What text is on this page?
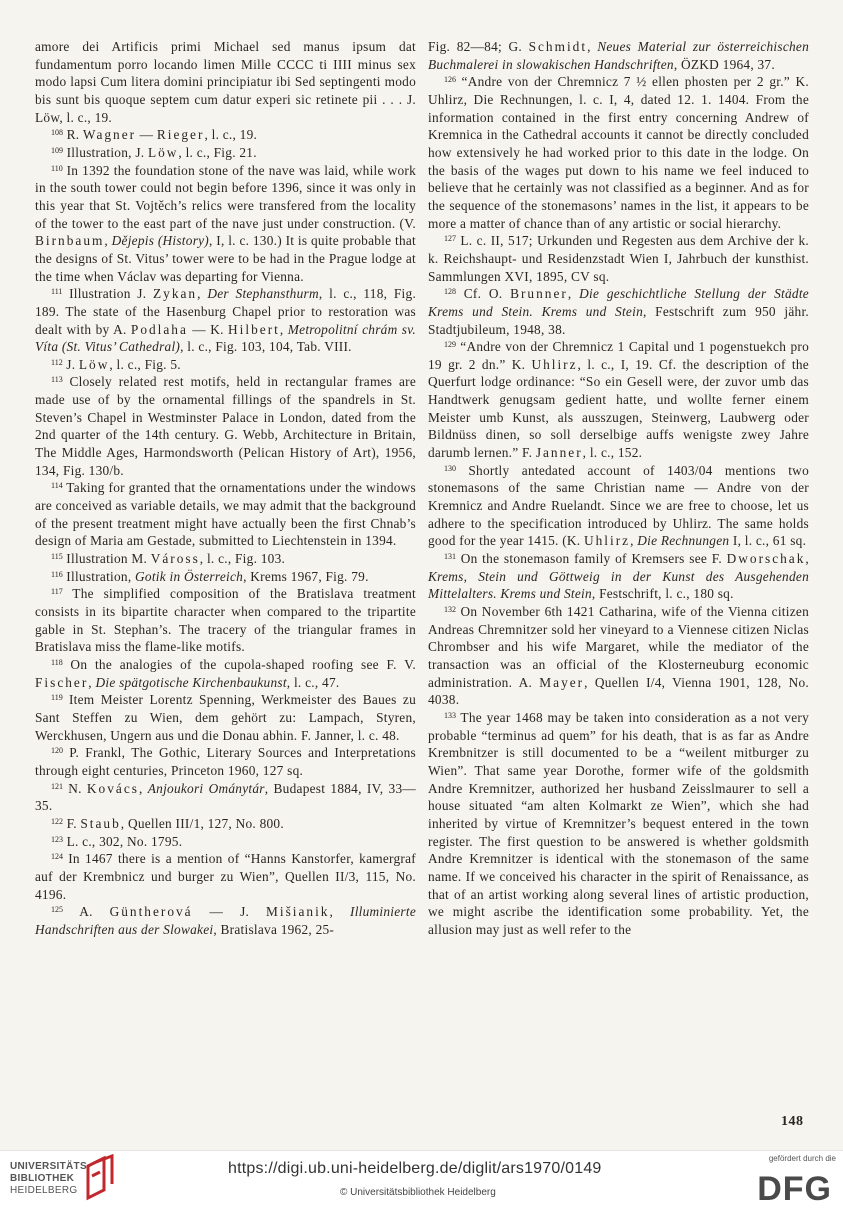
amore dei Artificis primi Michael sed manus ipsum dat fundamentum porro locando limen Mille CCCC ti IIII minus sex modo lapsi Cum litera domini principiatur ibi Sed septingenti modo bis sunt bis quoque septem cum datur experi sic retinete pii . . . J. Löw, l. c., 19.

$^{108}$ R. Wagner — Rieger, l. c., 19.

$^{109}$ Illustration, J. Löw, l. c., Fig. 21.

$^{110}$ In 1392 the foundation stone of the nave was laid, while work in the south tower could not begin before 1396, since it was only in this year that St. Vojtěch’s relics were transfered from the locality of the tower to the east part of the nave just under construction. (V. Birnbaum, Dějepis (History), I, l. c. 130.) It is quite probable that the designs of St. Vitus’ tower were to be had in the Prague lodge at the time when Václav was departing for Vienna.

$^{111}$ Illustration J. Zykan, Der Stephansthurm, l. c., 118, Fig. 189. The state of the Hasenburg Chapel prior to restoration was dealt with by A. Podlaha — K. Hilbert, Metropolitní chrám sv. Víta (St. Vitus’ Cathedral), l. c., Fig. 103, 104, Tab. VIII.

$^{112}$ J. Löw, l. c., Fig. 5.

$^{113}$ Closely related rest motifs, held in rectangular frames are made use of by the ornamental fillings of the spandrels in St. Steven’s Chapel in Westminster Palace in London, dated from the 2nd quarter of the 14th century. G. Webb, Architecture in Britain, The Middle Ages, Harmondsworth (Pelican History of Art), 1956, 134, Fig. 130/b.

$^{114}$ Taking for granted that the ornamentations under the windows are conceived as variable details, we may admit that the background of the present treatment might have actually been the first Chnab’s design of Maria am Gestade, submitted to Liechtenstein in 1394.

$^{115}$ Illustration M. Váross, l. c., Fig. 103.

$^{116}$ Illustration, Gotik in Österreich, Krems 1967, Fig. 79.

$^{117}$ The simplified composition of the Bratislava treatment consists in its bipartite character when compared to the tripartite gable in St. Stephan’s. The tracery of the triangular frames in Bratislava miss the flame-like motifs.

$^{118}$ On the analogies of the cupola-shaped roofing see F. V. Fischer, Die spätgotische Kirchenbaukunst, l. c., 47.

$^{119}$ Item Meister Lorentz Spenning, Werkmeister des Baues zu Sant Steffen zu Wien, dem gehört zu: Lampach, Styren, Werckhusen, Ungern aus und die Donau abhin. F. Janner, l. c. 48.

$^{120}$ P. Frankl, The Gothic, Literary Sources and Interpretations through eight centuries, Princeton 1960, 127 sq.

$^{121}$ N. Kovács, Anjoukori Ománytár, Budapest 1884, IV, 33—35.

$^{122}$ F. Staub, Quellen III/1, 127, No. 800.

$^{123}$ L. c., 302, No. 1795.

$^{124}$ In 1467 there is a mention of “Hanns Kanstorfer, kamergraf auf der Krembnicz und burger zu Wien”, Quellen II/3, 115, No. 4196.

$^{125}$ A. Güntherová — J. Mišianik, Illuminierte Handschriften aus der Slowakei, Bratislava 1962, 25-

Fig. 82—84; G. Schmidt, Neues Material zur österreichischen Buchmalerei in slowakischen Handschriften, ÖZKD 1964, 37.

$^{126}$ “Andre von der Chremnicz 7 ½ ellen phosten per 2 gr.” K. Uhlirz, Die Rechnungen, l. c. I, 4, dated 12. 1. 1404. From the information contained in the first entry concerning Andrew of Kremnica in the Cathedral accounts it cannot be directly concluded how extensively he had worked prior to this date in the lodge. On the basis of the wages put down to his name we feel induced to believe that he certainly was not classified as a beginner. And as for the sequence of the stonemasons’ names in the list, it appears to be more a matter of chance than of any artistic or social hierarchy.

$^{127}$ L. c. II, 517; Urkunden und Regesten aus dem Archive der k. k. Reichshaupt- und Residenzstadt Wien I, Jahrbuch der kunsthist. Sammlungen XVI, 1895, CV sq.

$^{128}$ Cf. O. Brunner, Die geschichtliche Stellung der Städte Krems und Stein. Krems und Stein, Festschrift zum 950 jähr. Stadtjubileum, 1948, 38.

$^{129}$ “Andre von der Chremnicz 1 Capital und 1 pogenstuekch pro 19 gr. 2 dn.” K. Uhlirz, l. c., I, 19. Cf. the description of the Querfurt lodge ordinance: “So ein Gesell were, der zuvor umb das Handtwerk genugsam gedient hatte, und wollte ferner einem Meister umb Kunst, als ausszugen, Steinwerg, Laubwerg oder Bildnüss dinen, so soll derselbige auffs wenigste zwey Jahre darumb lernen.” F. Janner, l. c., 152.

$^{130}$ Shortly antedated account of 1403/04 mentions two stonemasons of the same Christian name — Andre von der Kremnicz and Andre Ruelandt. Since we are free to choose, let us adhere to the specification introduced by Uhlirz. The same holds good for the year 1415. (K. Uhlirz, Die Rechnungen I, l. c., 61 sq.

$^{131}$ On the stonemason family of Kremsers see F. Dworschak, Krems, Stein und Göttweig in der Kunst des Ausgehenden Mittelalters. Krems und Stein, Festschrift, l. c., 180 sq.

$^{132}$ On November 6th 1421 Catharina, wife of the Vienna citizen Andreas Chremnitzer sold her vineyard to a Viennese citizen Niclas Chrombser and his wife Margaret, while the mediator of the transaction was an official of the Klosterneuburg economic administration. A. Mayer, Quellen I/4, Vienna 1901, 128, No. 4038.

$^{133}$ The year 1468 may be taken into consideration as a not very probable “terminus ad quem” for his death, that is as far as Andre Krembnitzer is still documented to be a “weilent mitburger zu Wien”. That same year Dorothe, former wife of the goldsmith Andre Kremnitzer, authorized her husband Zeisslmaurer to sell a house situated “am alten Kolmarkt ze Wien”, which she had inherited by virtue of Kremnitzer’s bequest entered in the town register. The first question to be answered is whether goldsmith Andre Kremnitzer is identical with the stonemason of the same name. If we conceived his character in the spirit of Renaissance, as that of an artist working along several lines of artistic production, we might ascribe the identification some probability. Yet, the allusion may just as well refer to the

148
UNIVERSITÄTS-
BIBLIOTHEK
HEIDELBERG
https://digi.ub.uni-heidelberg.de/diglit/ars1970/0149
© Universitätsbibliothek Heidelberg
gefördert durch die
DFG
